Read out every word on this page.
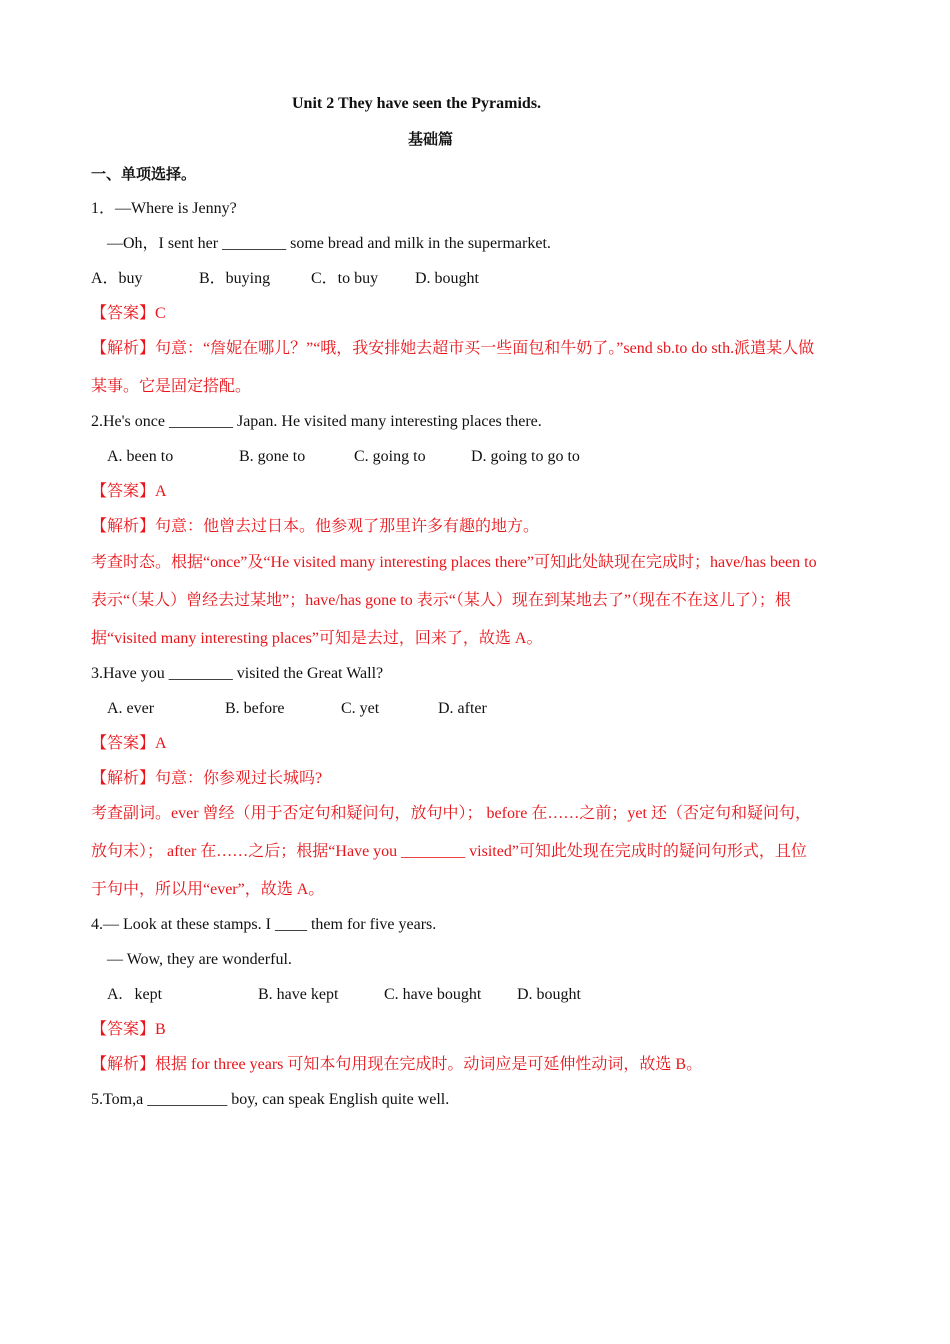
Unit 2 They have seen the Pyramids.
基础篇
一、单项选择。
1．—Where is Jenny?
—Oh，I sent her ________ some bread and milk in the supermarket.
A．buy	B．buying	C．to buy D. bought
【答案】C
【解析】句意：“詹妮在哪儿？”“哦，我安排她去超市买一些面包和牛奶了。”send sb.to do sth.派遣某人做
某事。它是固定搭配。
2.He's once ________ Japan. He visited many interesting places there.
A. been to	B. gone to	C. going to	D. going to go to
【答案】A
【解析】句意：他曾去过日本。他参观了那里许多有趣的地方。
考查时态。根据“once”及“He visited many interesting places there”可知此处缺现在完成时；have/has been to
表示“（某人）曾经去过某地”；have/has gone to 表示“（某人）现在到某地去了”（现在不在这儿了）；根
据“visited many interesting places”可知是去过，回来了，故选 A。
3.Have you ________ visited the Great Wall?
A. ever	B. before	C. yet	D. after
【答案】A
【解析】句意：你参观过长城吗?
考查副词。ever 曾经（用于否定句和疑问句，放句中）； before 在……之前；yet 还（否定句和疑问句，
放句末）； after 在……之后；根据“Have you ________ visited”可知此处现在完成时的疑问句形式，且位
于句中，所以用“ever”，故选 A。
4.— Look at these stamps. I ____ them for five years.
— Wow, they are wonderful.
A.   kept	B. have kept	C. have bought D. bought
【答案】B
【解析】根据 for three years 可知本句用现在完成时。动词应是可延伸性动词，故选 B。
5.Tom,a __________ boy, can speak English quite well.
